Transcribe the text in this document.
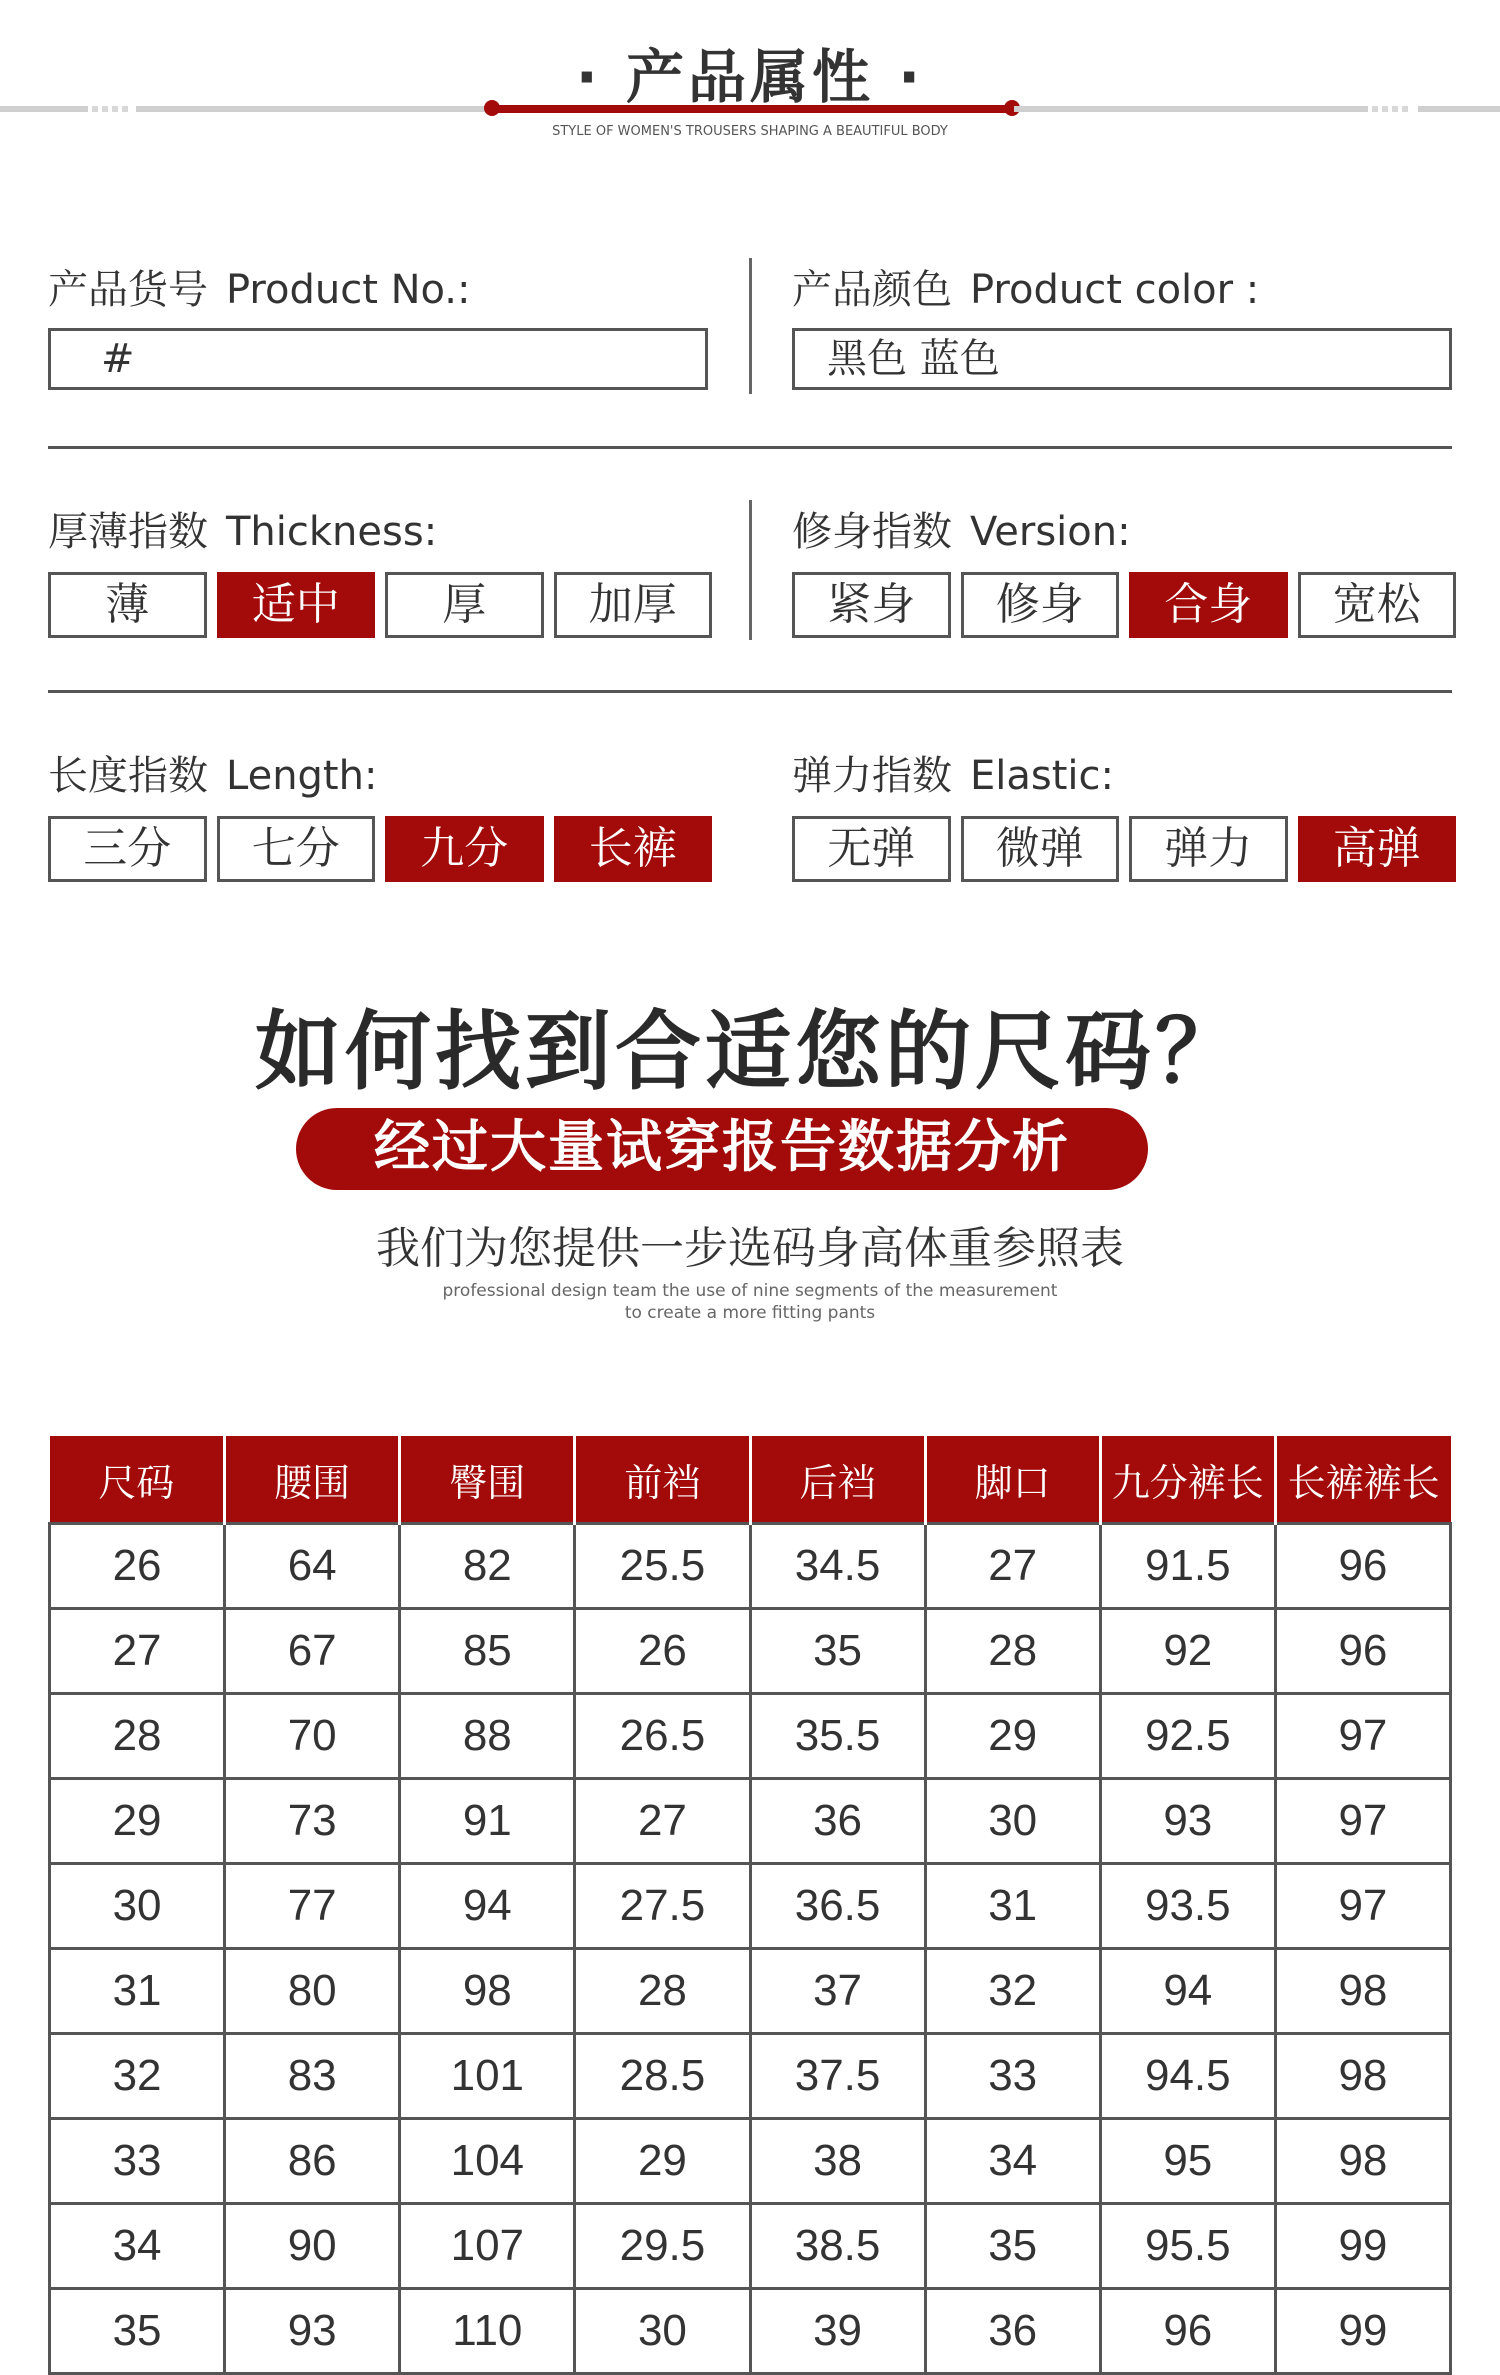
· 产品属性 ·
STYLE OF WOMEN'S TROUSERS SHAPING A BEAUTIFUL BODY
产品货号 Product No.:
#
产品颜色 Product color :
黑色 蓝色
厚薄指数 Thickness:
薄	适中	厚	加厚
修身指数 Version:
紧身	修身	合身	宽松
长度指数 Length:
三分	七分	九分	长裤
弹力指数 Elastic:
无弹	微弹	弹力	高弹
如何找到合适您的尺码？
经过大量试穿报告数据分析
我们为您提供一步选码身高体重参照表
professional design team the use of nine segments of the measurement
to create a more fitting pants
尺码	腰围	臀围	前裆	后裆	脚口	九分裤长	长裤裤长
26	64	82	25.5	34.5	27	91.5	96
27	67	85	26	35	28	92	96
28	70	88	26.5	35.5	29	92.5	97
29	73	91	27	36	30	93	97
30	77	94	27.5	36.5	31	93.5	97
31	80	98	28	37	32	94	98
32	83	101	28.5	37.5	33	94.5	98
33	86	104	29	38	34	95	98
34	90	107	29.5	38.5	35	95.5	99
35	93	110	30	39	36	96	99
